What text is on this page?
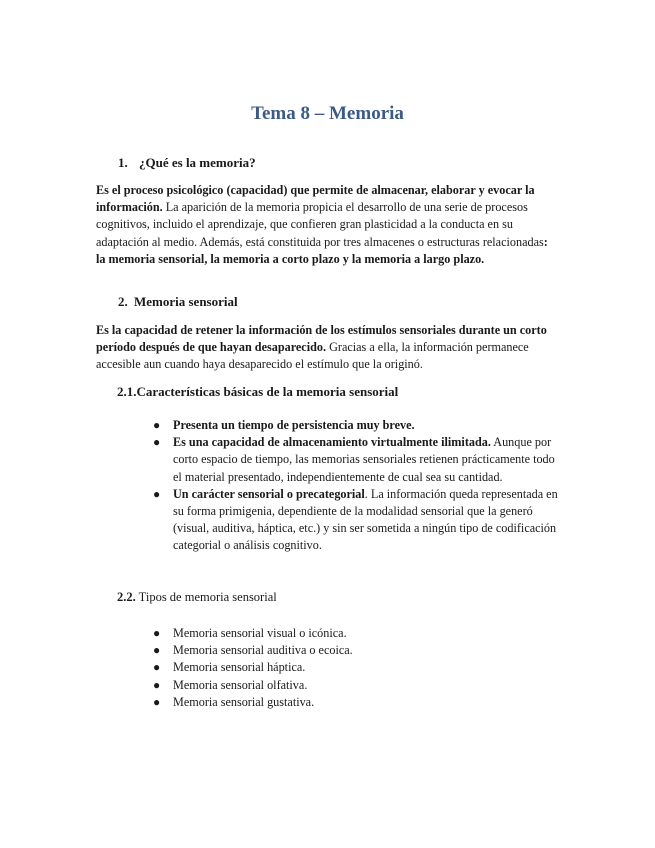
Tema 8 – Memoria
1. ¿Qué es la memoria?

Es el proceso psicológico (capacidad) que permite de almacenar, elaborar y evocar la información. La aparición de la memoria propicia el desarrollo de una serie de procesos cognitivos, incluido el aprendizaje, que confieren gran plasticidad a la conducta en su adaptación al medio. Además, está constituida por tres almacenes o estructuras relacionadas: la memoria sensorial, la memoria a corto plazo y la memoria a largo plazo.

2. Memoria sensorial

Es la capacidad de retener la información de los estímulos sensoriales durante un corto período después de que hayan desaparecido. Gracias a ella, la información permanece accesible aun cuando haya desaparecido el estímulo que la originó.

2.1.Características básicas de la memoria sensorial
● Presenta un tiempo de persistencia muy breve.
● Es una capacidad de almacenamiento virtualmente ilimitada. Aunque por corto espacio de tiempo, las memorias sensoriales retienen prácticamente todo el material presentado, independientemente de cual sea su cantidad.
● Un carácter sensorial o precategorial. La información queda representada en su forma primigenia, dependiente de la modalidad sensorial que la generó (visual, auditiva, háptica, etc.) y sin ser sometida a ningún tipo de codificación categorial o análisis cognitivo.
2.2. Tipos de memoria sensorial
● Memoria sensorial visual o icónica.
● Memoria sensorial auditiva o ecoica.
● Memoria sensorial háptica.
● Memoria sensorial olfativa.
● Memoria sensorial gustativa.
